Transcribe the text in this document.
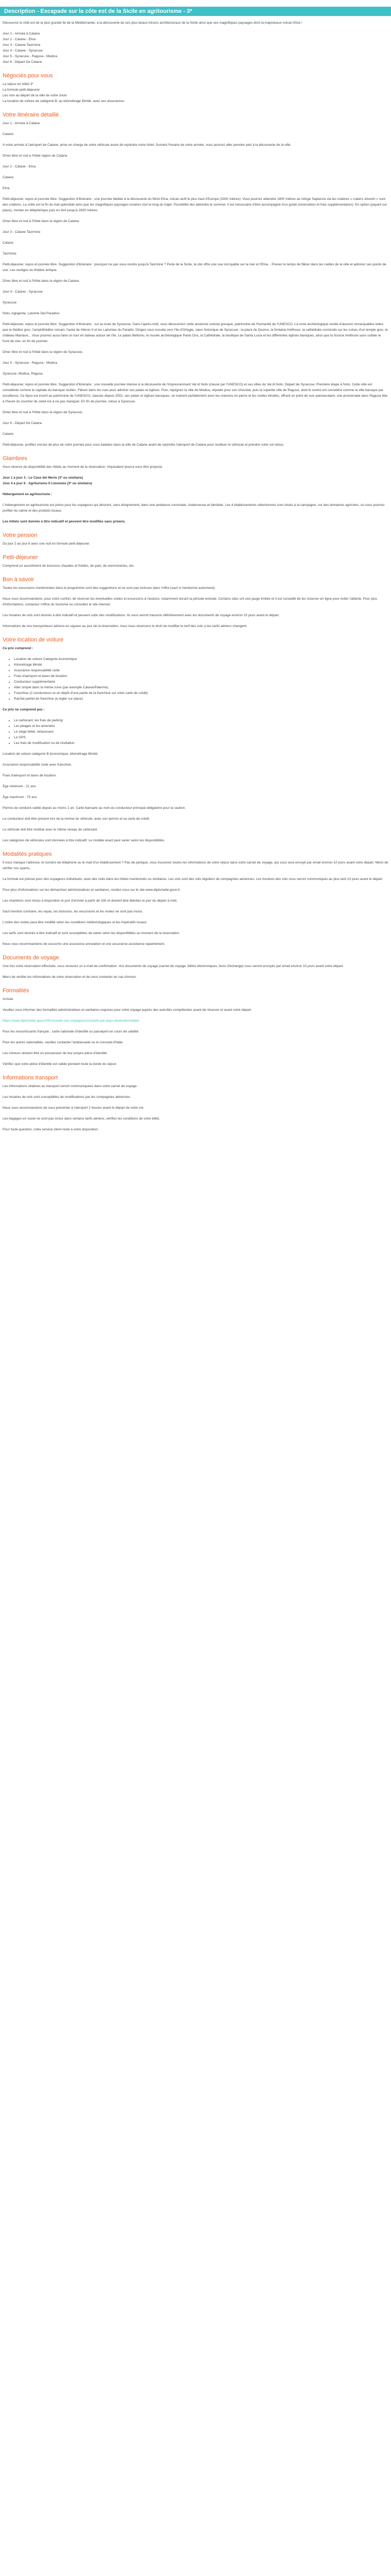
Description - Escapade sur la côte est de la Sicile en agritourisme - 3*

Découvrez le côté est de la plus grande île de la Méditerranée, à la découverte de ses plus beaux trésors architecturaux de la Sicile ainsi que ses magnifiques paysages dont la majestueux volcan Etna !

Jour 1 - Arrivée à Catane
Jour 2 - Catane - Etna
Jour 3 - Catane Taormine
Jour 4 - Catane - Syracuse
Jour 5 - Syracuse - Ragusa - Modica
Jour 6 - Départ De Catane
Négociés pour vous
La séjour en hôtel 3*
La formule petit-déjeuner
Les vols au départ de la ville de votre choix
La location de voiture de catégorie B, au kilométrage illimité, avec ses assurances
Votre itinéraire détaillé

Jour 1 - Arrivée à Catane

Catane

A votre arrivée à l'aéroport de Catane, prise en charge de votre véhicule avant de rejoindre votre hôtel. Suivant l'horaire de votre arrivée, vous pourrez aller prendre part à la découverte de la ville.

Dîner libre et nuit à l'hôtel région de Catane.

Jour 2 - Catane - Etna

Catane

Etna

Petit-déjeuner, repos et journée libre. Suggestion d'itinéraire : une journée dédiée à la découverte du Mont Etna, volcan actif le plus haut d'Europe (3300 mètres). Vous pourrez atteindre 1800 mètres au refuge Sapienza via les cratères « craters silvestri » sont des cratères. La crête est la fin du trail splendide ainsi que les magnifiques paysages lunaires tout le long du trajet. Possibilité des atteindre le sommet. Il est nécessaire d'être accompagné d'un guide (réservation et frais supplémentaires). En option (payant sur place), monter en téléphérique puis en 4x4 jusqu'à 2900 mètres.

Dîner libre et nuit à l'hôtel dans la région de Catane.

Jour 3 - Catane Taormine

Catane

Taormine

Petit-déjeuner, repos et journée libre. Suggestion d'itinéraire : pourquoi ne pas vous rendre jusqu'à Taormine ? Perle de la Sicile, la cité offre une vue incroyable sur la mer et l'Etna... Prenez le temps de flâner dans les ruelles de la ville et admirez ses points de vue. Les vestiges du théâtre antique.

Dîner libre et nuit à l'hôtel dans la région de Catane.

Jour 4 - Catane - Syracuse

Syracuse

Noto, Agrigente, Latomie Del Paradiso

Petit-déjeuner, repos et journée libre. Suggestion d'itinéraire : sur la route de Syracuse. Dans l'après-midi, vous découvrirez cette ancienne colonie grecque, patrimoine de l'humanité de l'UNESCO. La zone archéologique recèle d'œuvres remarquables telles que le théâtre grec, l'amphithéâtre romain, l'autel de Hiéron II et les Latomies du Paradis. Dirigez-vous ensuite vers l'île d'Ortygie, cœur historique de Syracuse : la place du Duomo, la fontaine Aréthuse, la cathédrale construite sur les ruines d'un temple grec, le château Maniace... Vous pourrez aussi faire un tour en bateau autour de l'île. Le palais Bellomo, le musée archéologique Paolo Orsi, la Cathédrale, la basilique de Santa Lucia et les différentes églises baroques, ainsi que la Source Aréthuse sans oublier le front de mer, en fin de journée.

Dîner libre et nuit à l'hôtel dans la région de Syracuse.

Jour 5 - Syracuse - Ragusa - Modica

Syracuse, Modica, Ragusa

Petit-déjeuner, repos et journée libre. Suggestion d'itinéraire : une nouvelle journée intense à la découverte de l'impressionnant Val di Noto (classé par l'UNESCO) et ses villes du Val di Noto. Départ de Syracuse. Première étape à Noto. Cette ville est considérée comme la capitale du baroque sicilien. Flânez dans les rues pour admirer ses palais et églises. Puis, rejoignez la ville de Modica, réputée pour son chocolat, puis la superbe ville de Raguse, dont le centre est considéré comme la ville baroque par excellence. Ce bijou est inscrit au patrimoine de l'UNESCO, classée depuis 2002, ses palais et églises baroques, se marient parfaitement avec les maisons en pierre et les ruelles étroites, offrant un point de vue spectaculaire, une promenade dans Ragusa Ibla à l'heure du coucher de soleil est à ne pas manquer. En fin de journée, retour à Syracuse.

Dîner libre et nuit à l'hôtel dans la région de Syracuse.

Jour 6 - Départ De Catane

Catane

Petit-déjeuner, profitez encore de plus de votre journée pour vous baladez dans la ville de Catane avant de rejoindre l'aéroport de Catane pour restituer le véhicule et prendre votre vol retour.

Glambres

Sous réserve de disponibilité des hôtels au moment de la réservation, l'équivalent pourra vous être proposé.

Jour 1 à jour 3 : Le Case del Merlo (3* ou similaire)
Jour 4 à jour 6 : Agriturismo Il Limoneto (3* ou similaire)

Hébergement en agritourisme :

L'hébergement en agritourisme est prévu pour les voyageurs qui désirent, sans éloignement, dans une ambiance conviviale, chaleureuse et familiale. Les 4 établissements sélectionnés sont situés à la campagne, sur des domaines agricoles, où vous pourrez profiter du calme et des produits locaux.

Les hôtels sont donnés à titre indicatif et peuvent être modifiés sans préavis.

Votre pension

Du jour 2 au jour 6 avec une nuit en formule petit-déjeuner.

Petit-déjeuner

Comprend un assortiment de boissons chaudes et froides, de pain, de viennoiseries, etc.

Bon à savoir

Toutes les excursions mentionnées dans le programme sont des suggestions et ne sont pas incluses dans l'offre (sauf si mentionné autrement).

Nous vous recommandons, pour votre confort, de réserver les éventuelles visites et excursions à l'avance, notamment durant la période estivale. Certains sites ont une jauge limitée et il est conseillé de les réserver en ligne pour éviter l'attente. Pour plus d'informations, contactez l'office du tourisme ou consultez le site internet.

Les horaires de vols sont donnés à titre indicatif et peuvent subir des modifications. Ils vous seront transmis définitivement avec les documents de voyage environ 10 jours avant le départ.

Informations de nos transporteurs aériens en vigueur au jour de la réservation, nous nous réservons le droit de modifier le tarif des vols si les tarifs aériens changent.

Votre location de voiture

Ce prix comprend :

• Location de voiture Catégorie économique
• Kilométrage illimité
• Assurance responsabilité civile
• Frais d'aéroport et taxes de location
• Conducteur supplémentaire
• Aller simple dans la même zone (par exemple Catane/Palerme)
• Franchise (2 conducteurs et un dépôt d'une partie de la franchise sur votre carte de crédit)
• Rachat partiel de franchise (à régler sur place)

Ce prix ne comprend pas :

• Le carburant, les frais de parking
• Les péages et les amendes
• Le siège bébé, rehausseur
• Le GPS
• Les frais de modification ou de résiliation

Location de voiture catégorie B économique, kilométrage illimité.

Assurance responsabilité civile avec franchise.

Frais d'aéroport et taxes de location.

Âge minimum : 21 ans

Âge maximum : 75 ans

Permis de conduire valide depuis au moins 1 an. Carte bancaire au nom du conducteur principal obligatoire pour la caution.

Le conducteur doit être présent lors de la remise du véhicule, avec son permis et sa carte de crédit.

Le véhicule doit être restitué avec le même niveau de carburant.

Les catégories de véhicules sont données à titre indicatif. Le modèle exact peut varier selon les disponibilités.

Modalités pratiques

Il vous manque l'adresse, le numéro de téléphone ou le mail d'un établissement ? Pas de panique, vous trouverez toutes les informations de votre séjour dans votre carnet de voyage, qui vous sera envoyé par email environ 10 jours avant votre départ. Merci de vérifier vos spams.

La formule est prévue pour des voyageurs individuels, avec des nuits dans les hôtels mentionnés ou similaires. Les vols sont des vols réguliers de compagnies aériennes. Les horaires des vols vous seront communiqués au plus tard 10 jours avant le départ.

Pour plus d'informations sur les démarches administratives et sanitaires, rendez-vous sur le site www.diplomatie.gouv.fr.

Les chambres sont mises à disposition le jour d'arrivée à partir de 15h et doivent être libérées le jour du départ à midi.

Sauf mention contraire, les repas, les boissons, les excursions et les visites ne sont pas inclus.

L'ordre des visites peut être modifié selon les conditions météorologiques et les impératifs locaux.

Les tarifs sont donnés à titre indicatif et sont susceptibles de varier selon les disponibilités au moment de la réservation.

Nous vous recommandons de souscrire une assurance annulation et une assurance assistance rapatriement.

Documents de voyage

Une fois votre réservation effectuée, vous recevrez un e-mail de confirmation. Vos documents de voyage (carnet de voyage, billets électroniques, bons d'échange) vous seront envoyés par email environ 10 jours avant votre départ.

Merci de vérifier les informations de votre réservation et de nous contacter en cas d'erreur.

Formalités

Arrivée

Veuillez vous informer des formalités administratives et sanitaires requises pour votre voyage auprès des autorités compétentes avant de réserver et avant votre départ.

https://www.diplomatie.gouv.fr/fr/conseils-aux-voyageurs/conseils-par-pays-destination/italie/

Pour les ressortissants français : carte nationale d'identité ou passeport en cours de validité.

Pour les autres nationalités, veuillez contacter l'ambassade ou le consulat d'Italie.

Les mineurs doivent être en possession de leur propre pièce d'identité.

Vérifiez que votre pièce d'identité est valide pendant toute la durée du séjour.

Informations transport

Les informations relatives au transport seront communiquées dans votre carnet de voyage.

Les horaires de vols sont susceptibles de modifications par les compagnies aériennes.

Nous vous recommandons de vous présenter à l'aéroport 2 heures avant le départ de votre vol.

Les bagages en soute ne sont pas inclus dans certains tarifs aériens, vérifiez les conditions de votre billet.

Pour toute question, notre service client reste à votre disposition.
